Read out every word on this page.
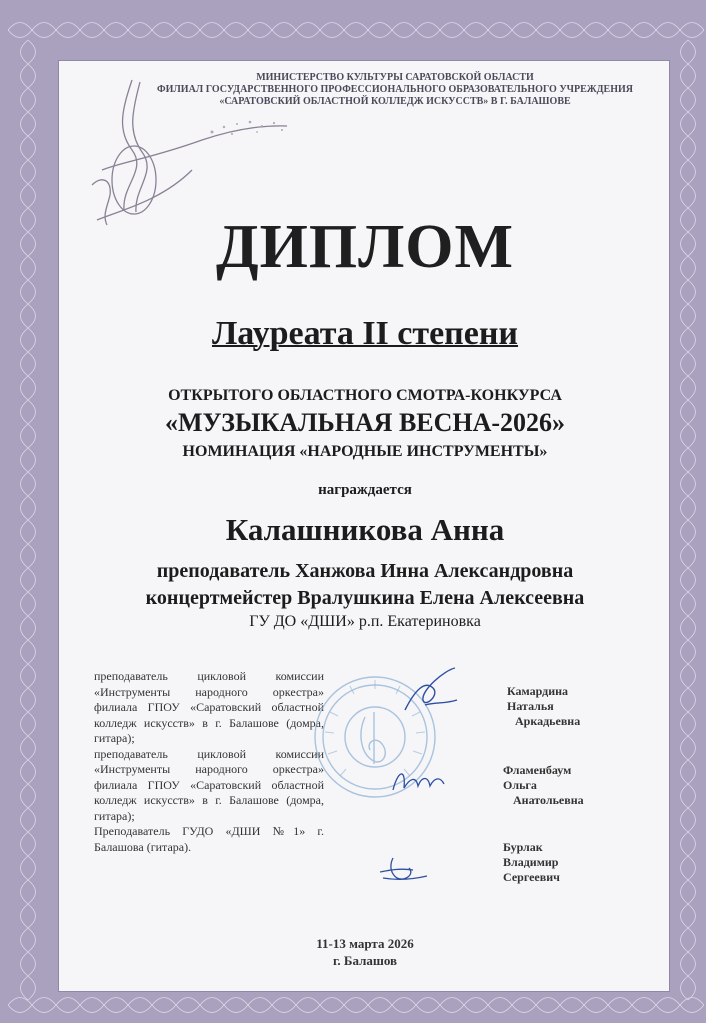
МИНИСТЕРСТВО КУЛЬТУРЫ САРАТОВСКОЙ ОБЛАСТИ
ФИЛИАЛ ГОСУДАРСТВЕННОГО ПРОФЕССИОНАЛЬНОГО ОБРАЗОВАТЕЛЬНОГО УЧРЕЖДЕНИЯ
«САРАТОВСКИЙ ОБЛАСТНОЙ КОЛЛЕДЖ ИСКУССТВ» В Г. БАЛАШОВЕ
ДИПЛОМ
Лауреата II степени
ОТКРЫТОГО ОБЛАСТНОГО СМОТРА-КОНКУРСА
«МУЗЫКАЛЬНАЯ ВЕСНА-2026»
НОМИНАЦИЯ «НАРОДНЫЕ ИНСТРУМЕНТЫ»
награждается
Калашникова Анна
преподаватель Ханжова Инна Александровна
концертмейстер Вралушкина Елена Алексеевна
ГУ ДО «ДШИ» р.п. Екатериновка

преподаватель цикловой комиссии «Инструменты народного оркестра» филиала ГПОУ «Саратовский областной колледж искусств» в г. Балашове (домра, гитара);

преподаватель цикловой комиссии «Инструменты народного оркестра» филиала ГПОУ «Саратовский областной колледж искусств» в г. Балашове (домра, гитара);

Преподаватель ГУДО «ДШИ №1» г. Балашова (гитара).

Камардина
Наталья
Аркадьевна
Фламенбаум
Ольга
Анатольевна
Бурлак
Владимир
Сергеевич
11-13 марта 2026
г. Балашов
